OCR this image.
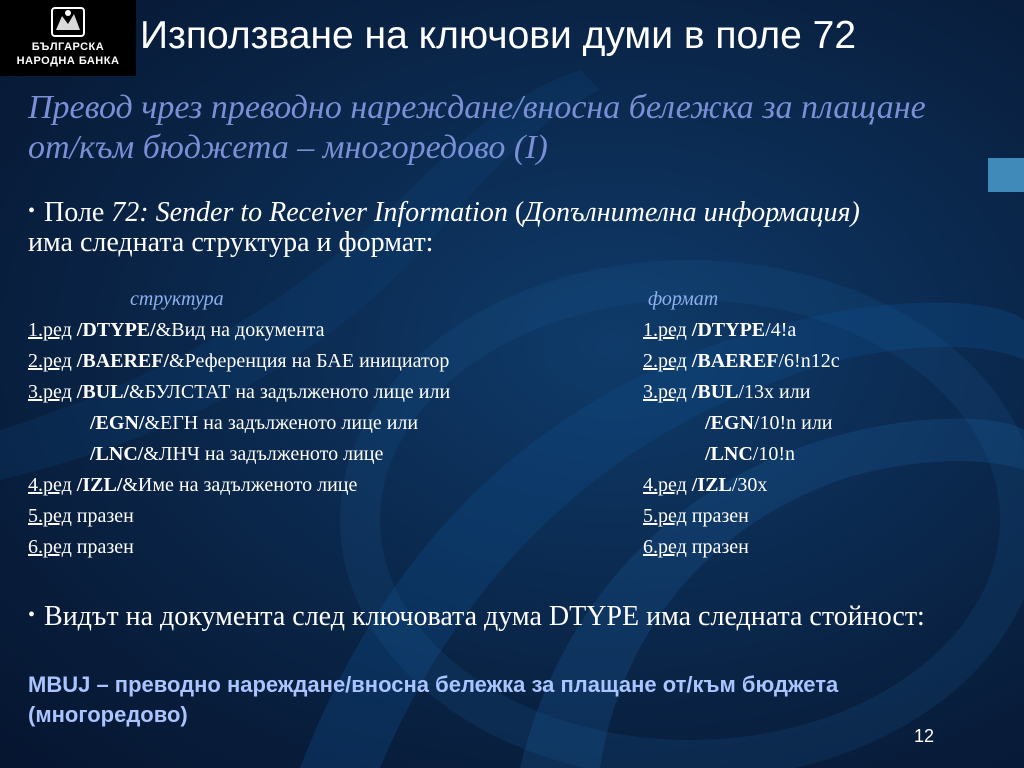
БЪЛГАРСКА
НАРОДНА БАНКА
Използване на ключови думи в поле 72
Превод чрез преводно нареждане/вносна бележка за плащане от/към бюджета – многоредово (I)
• Поле 72: Sender to Receiver Information (Допълнителна информация) има следната структура и формат:
структура	формат
1.ред /DTYPE/&Вид на документа	1.ред /DTYPE/4!a
2.ред /BAEREF/&Референция на БАЕ инициатор	2.ред /BAEREF/6!n12c
3.ред /BUL/&БУЛСТАТ на задълженото лице или	3.ред /BUL/13x или
/EGN/&ЕГН на задълженото лице или	/EGN/10!n или
/LNC/&ЛНЧ на задълженото лице	/LNC/10!n
4.ред /IZL/&Име на задълженото лице	4.ред /IZL/30x
5.ред празен	5.ред празен
6.ред празен	6.ред празен
• Видът на документа след ключовата дума DTYPE има следната стойност:
MBUJ – преводно нареждане/вносна бележка за плащане от/към бюджета (многоредово)
12
